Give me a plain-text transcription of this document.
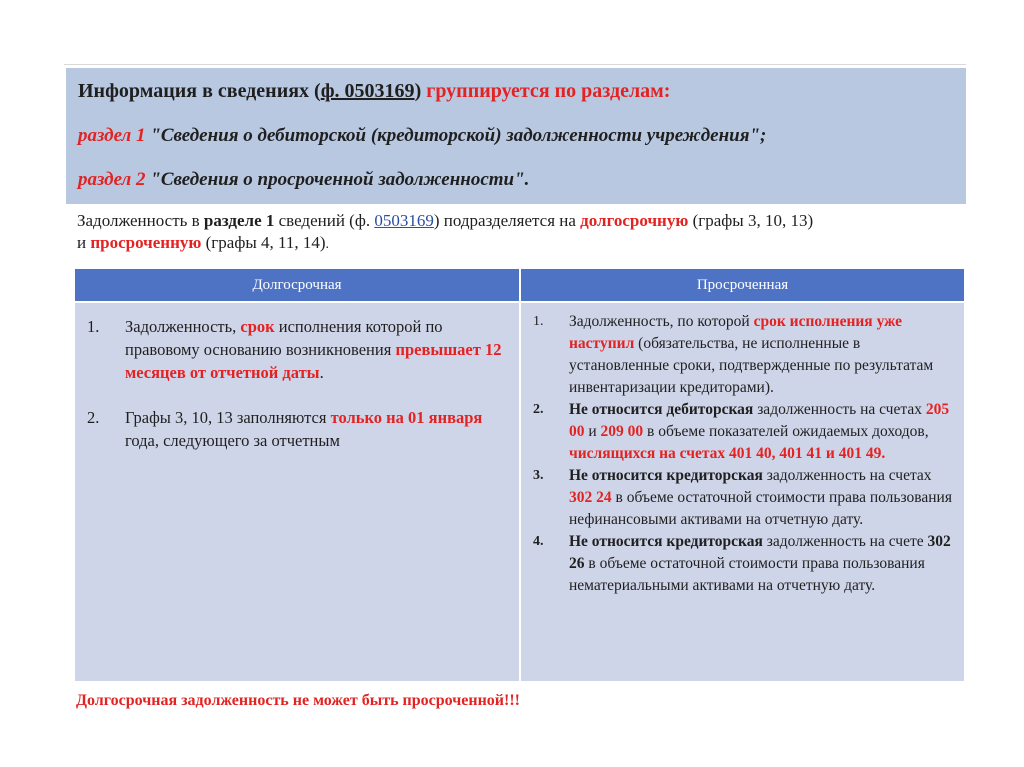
Информация в сведениях (ф. 0503169) группируется по разделам:

раздел 1 "Сведения о дебиторской (кредиторской) задолженности учреждения";

раздел 2 "Сведения о просроченной задолженности".

Задолженность в разделе 1 сведений (ф. 0503169) подразделяется на долгосрочную (графы 3, 10, 13)
и просроченную (графы 4, 11, 14).
Долгосрочная	Просроченная
1. Задолженность, срок исполнения которой по правовому основанию возникновения превышает 12 месяцев от отчетной даты.
2. Графы 3, 10, 13 заполняются только на 01 января года, следующего за отчетным
1. Задолженность, по которой срок исполнения уже наступил (обязательства, не исполненные в установленные сроки, подтвержденные по результатам инвентаризации кредиторами).
2. Не относится дебиторская задолженность на счетах 205 00 и 209 00 в объеме показателей ожидаемых доходов, числящихся на счетах 401 40, 401 41 и 401 49.
3. Не относится кредиторская задолженность на счетах 302 24 в объеме остаточной стоимости права пользования нефинансовыми активами на отчетную дату.
4. Не относится кредиторская задолженность на счете 302 26 в объеме остаточной стоимости права пользования нематериальными активами на отчетную дату.
Долгосрочная задолженность не может быть просроченной!!!
